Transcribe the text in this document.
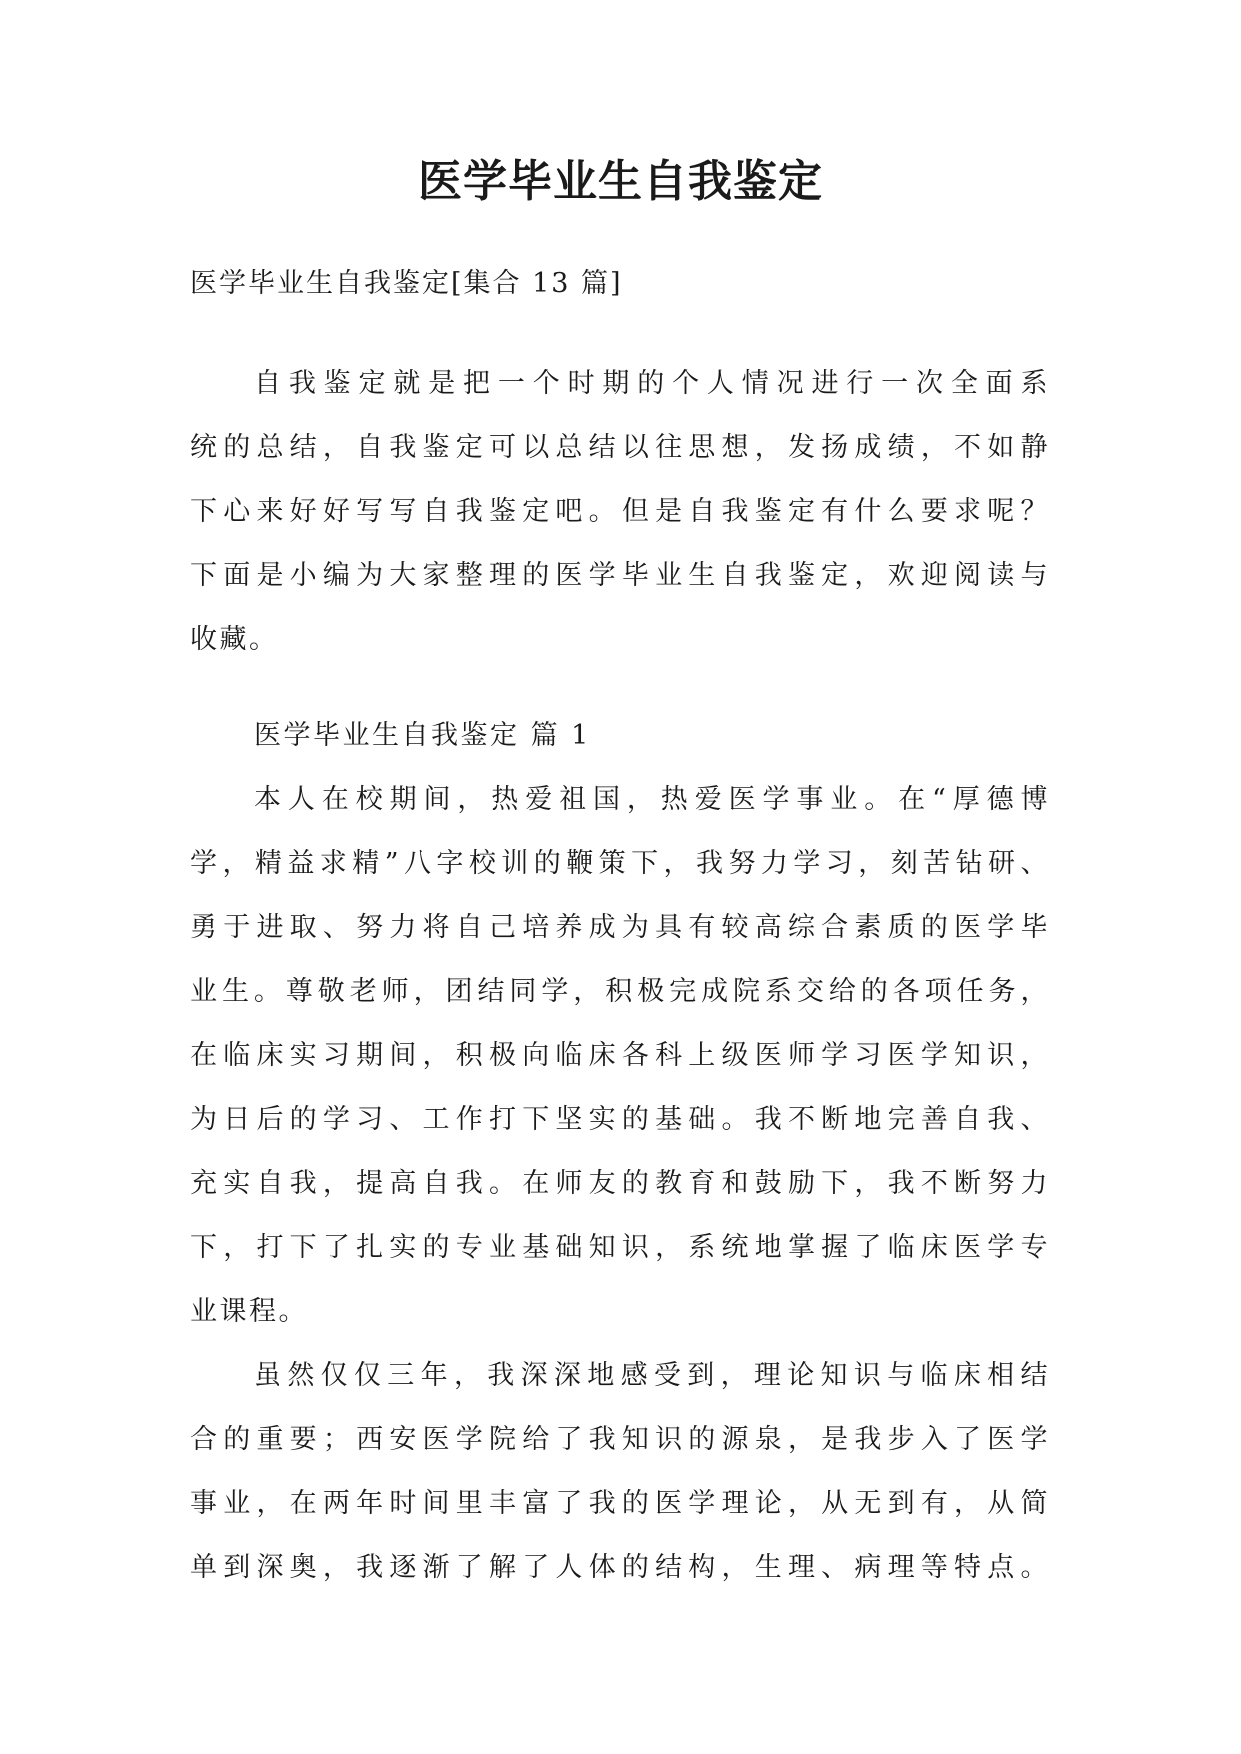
医学毕业生自我鉴定
医学毕业生自我鉴定[集合 13 篇]
自我鉴定就是把一个时期的个人情况进行一次全面系
统的总结，自我鉴定可以总结以往思想，发扬成绩，不如静
下心来好好写写自我鉴定吧。但是自我鉴定有什么要求呢？
下面是小编为大家整理的医学毕业生自我鉴定，欢迎阅读与
收藏。
医学毕业生自我鉴定 篇 1
本人在校期间，热爱祖国，热爱医学事业。在“厚德博
学，精益求精”八字校训的鞭策下，我努力学习，刻苦钻研、
勇于进取、努力将自己培养成为具有较高综合素质的医学毕
业生。尊敬老师，团结同学，积极完成院系交给的各项任务，
在临床实习期间，积极向临床各科上级医师学习医学知识，
为日后的学习、工作打下坚实的基础。我不断地完善自我、
充实自我，提高自我。在师友的教育和鼓励下，我不断努力
下，打下了扎实的专业基础知识，系统地掌握了临床医学专
业课程。
虽然仅仅三年，我深深地感受到，理论知识与临床相结
合的重要；西安医学院给了我知识的源泉，是我步入了医学
事业，在两年时间里丰富了我的医学理论，从无到有，从简
单到深奥，我逐渐了解了人体的结构，生理、病理等特点。
